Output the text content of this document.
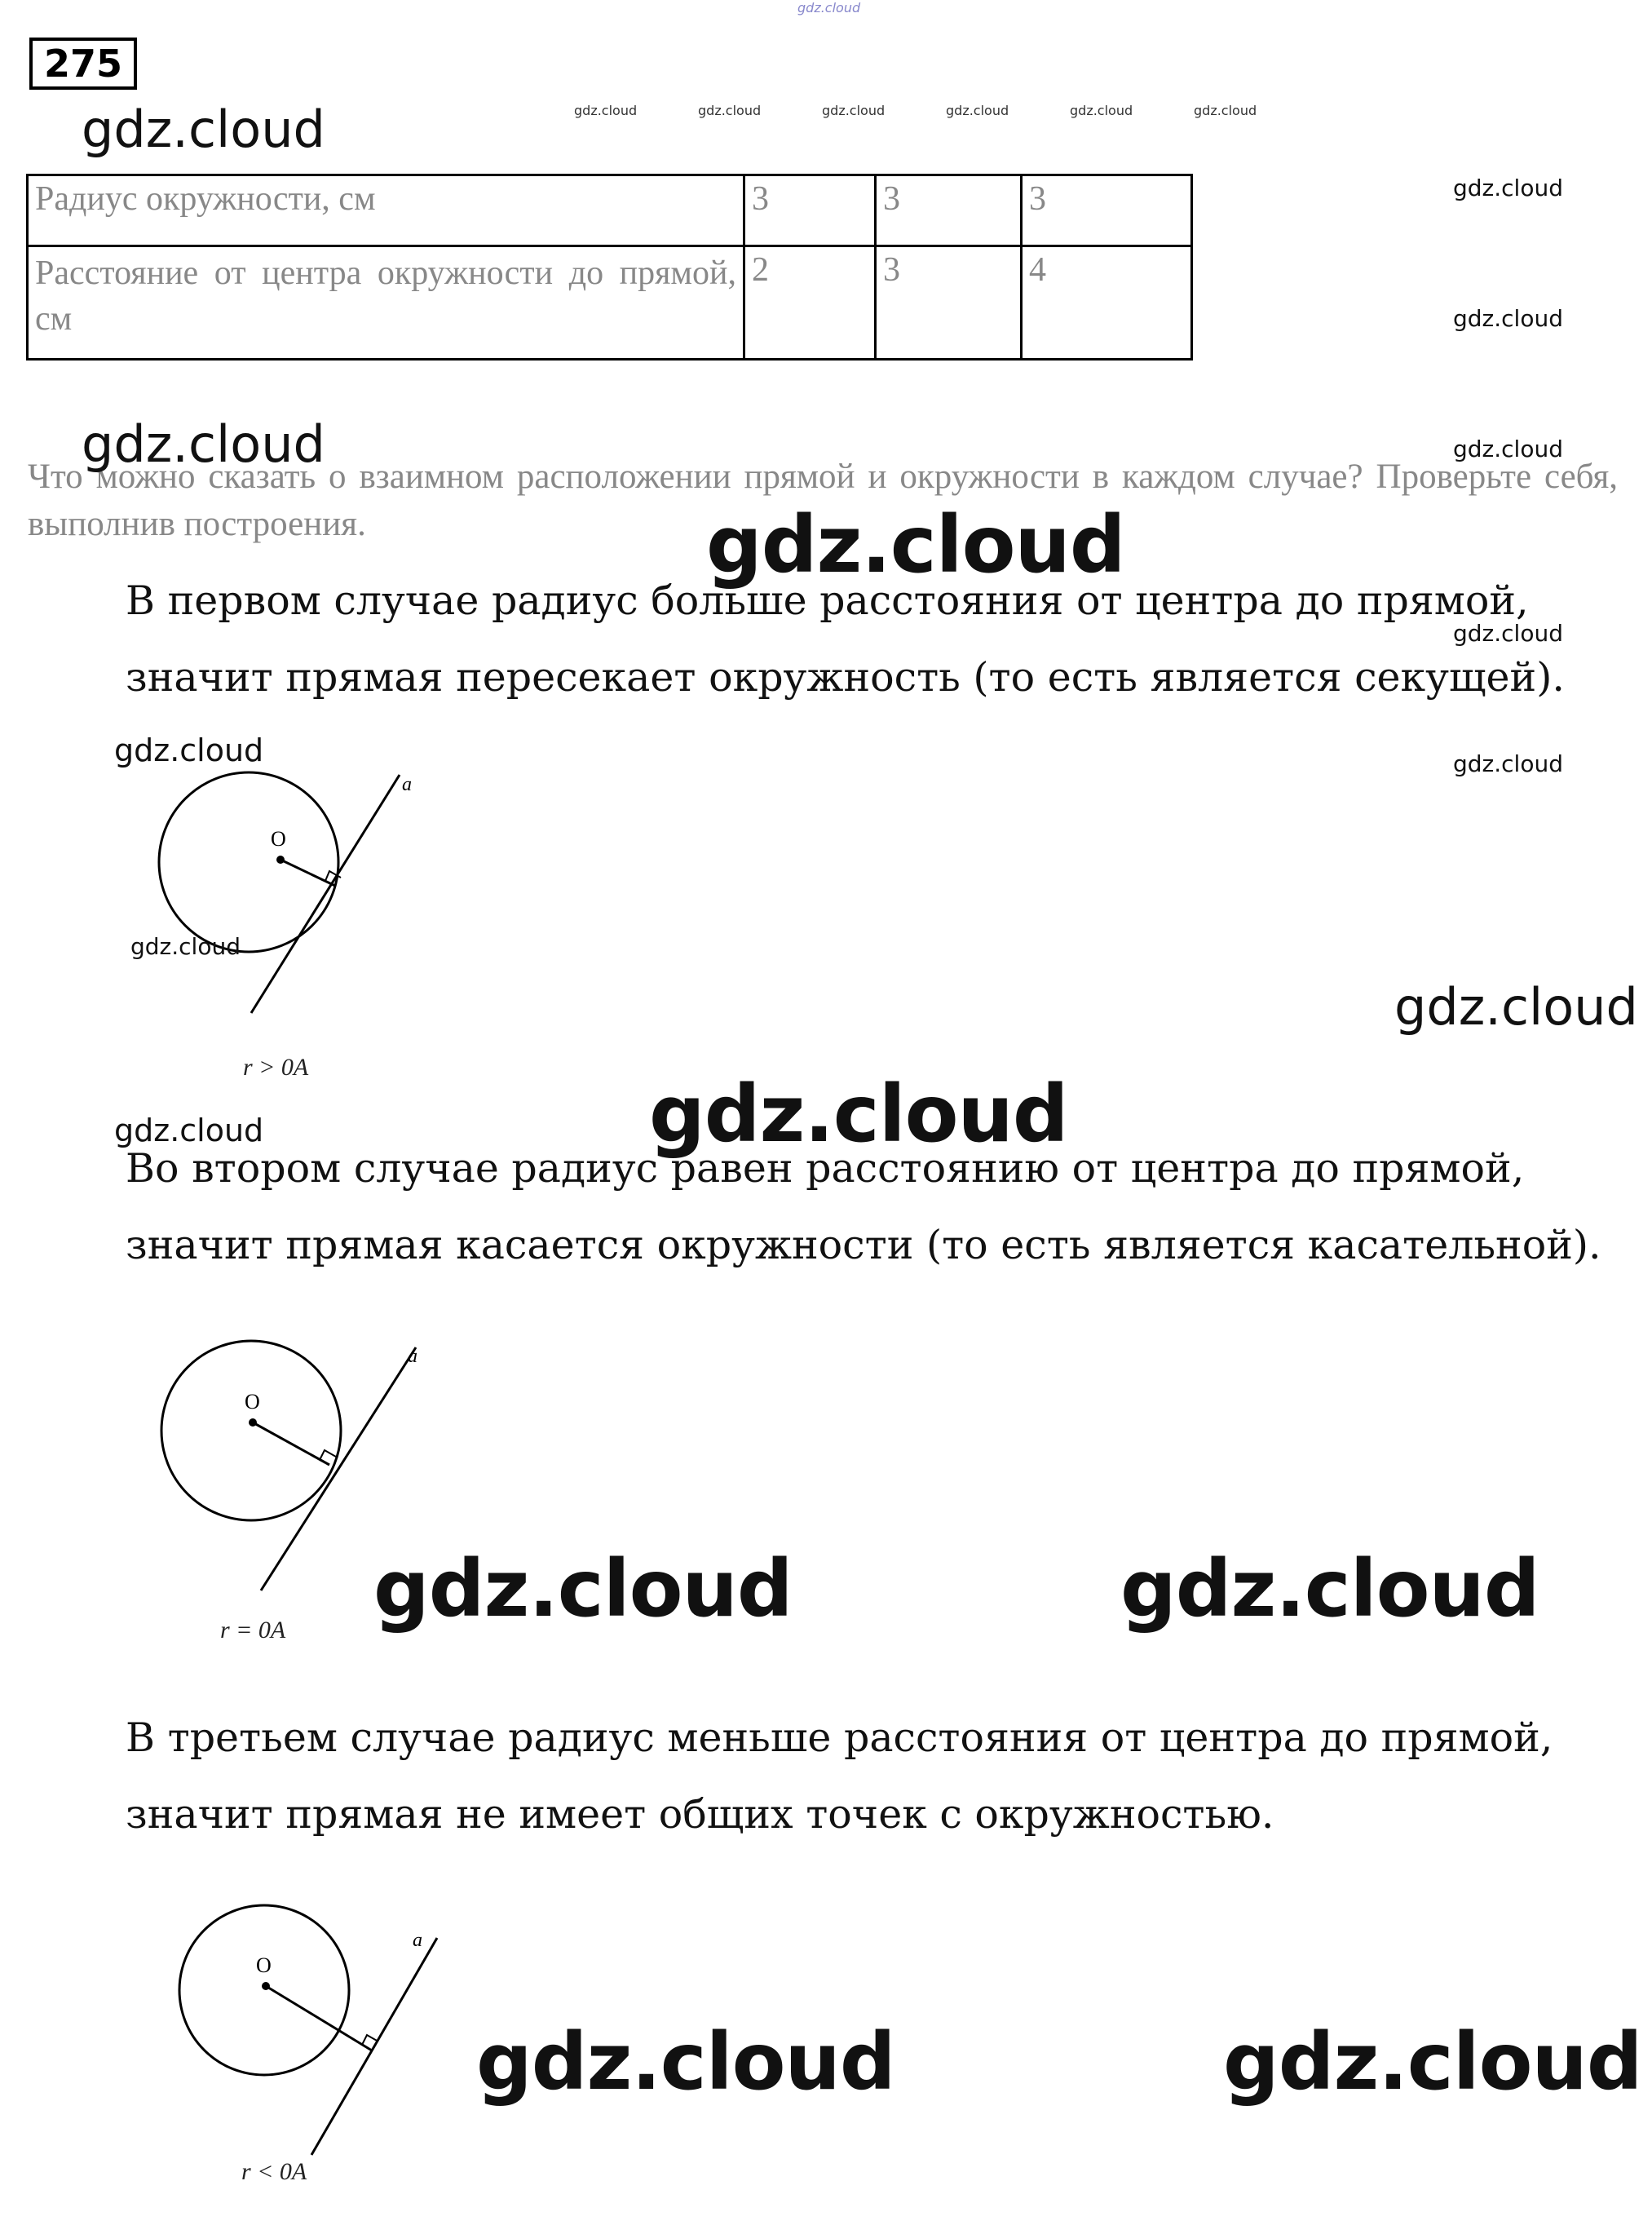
gdz.cloud
275
gdz.cloud	gdz.cloud	gdz.cloud	gdz.cloud	gdz.cloud	gdz.cloud	gdz.cloud
Радиус окружности, см	3	3	3
Расстояние от центра окружности до прямой, см	2	3	4
gdz.cloud
gdz.cloud
gdz.cloud
Что можно сказать о взаимном расположении прямой и окружности в каждом случае? Проверьте себя, выполнив построения.
gdz.cloud
gdz.cloud
В первом случае радиус больше расстояния от центра до прямой,
значит прямая пересекает окружность (то есть является секущей).
gdz.cloud
gdz.cloud
gdz.cloud
O
a
gdz.cloud
gdz.cloud
r > 0A
gdz.cloud
gdz.cloud
Во втором случае радиус равен расстоянию от центра до прямой,
значит прямая касается окружности (то есть является касательной).
O
a
gdz.cloud	gdz.cloud
r = 0A
В третьем случае радиус меньше расстояния от центра до прямой,
значит прямая не имеет общих точек с окружностью.
O
a
gdz.cloud	gdz.cloud
r < 0A
